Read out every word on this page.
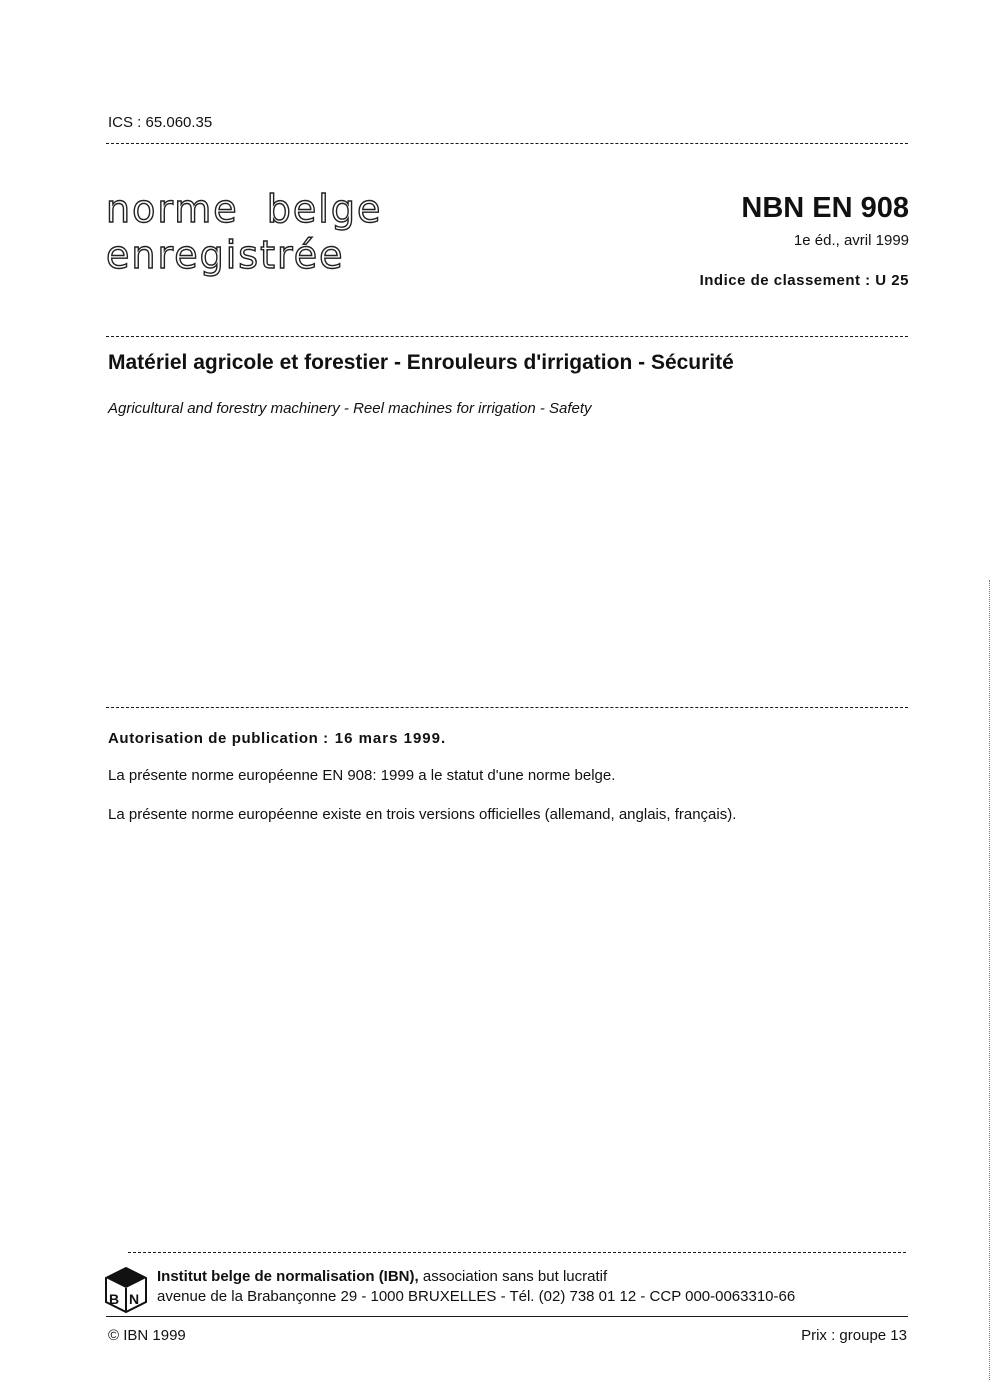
ICS : 65.060.35
norme belge
enregistrée
NBN EN 908
1e éd., avril 1999
Indice de classement : U 25
Matériel agricole et forestier - Enrouleurs d'irrigation - Sécurité
Agricultural and forestry machinery - Reel machines for irrigation - Safety
Autorisation de publication : 16 mars 1999.
La présente norme européenne EN 908: 1999 a le statut d'une norme belge.
La présente norme européenne existe en trois versions officielles (allemand, anglais, français).
B N
Institut belge de normalisation (IBN), association sans but lucratif
avenue de la Brabançonne 29 - 1000 BRUXELLES - Tél. (02) 738 01 12 - CCP 000-0063310-66
© IBN 1999	Prix : groupe 13
